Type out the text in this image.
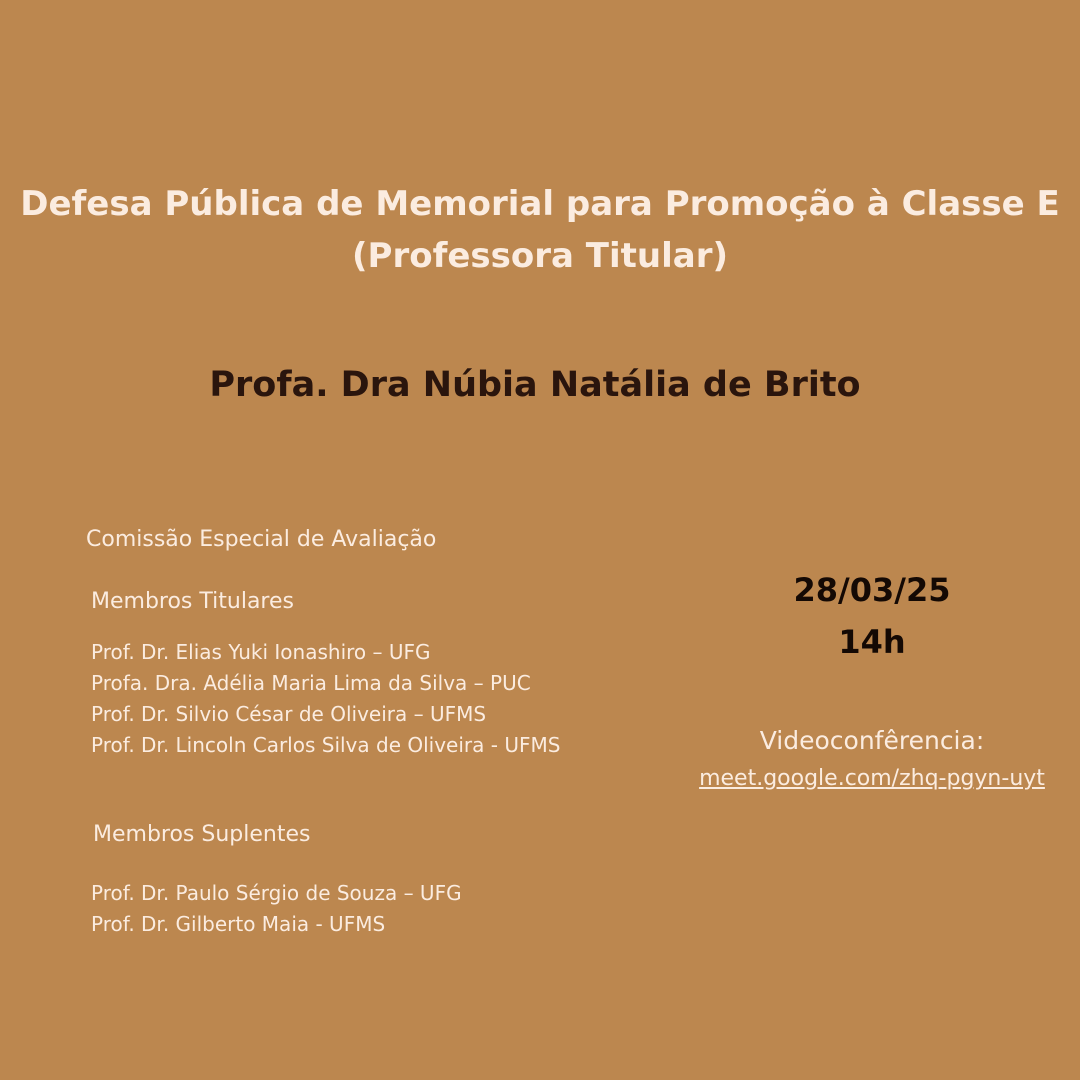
Defesa Pública de Memorial para Promoção à Classe E
(Professora Titular)
Profa. Dra Núbia Natália de Brito
Comissão Especial de Avaliação
Membros Titulares
Prof. Dr. Elias Yuki Ionashiro – UFG
Profa. Dra. Adélia Maria Lima da Silva – PUC
Prof. Dr. Silvio César de Oliveira – UFMS
Prof. Dr. Lincoln Carlos Silva de Oliveira - UFMS
Membros Suplentes
Prof. Dr. Paulo Sérgio de Souza – UFG
Prof. Dr. Gilberto Maia - UFMS
28/03/25
14h
Videoconfêrencia:
meet.google.com/zhq-pgyn-uyt
